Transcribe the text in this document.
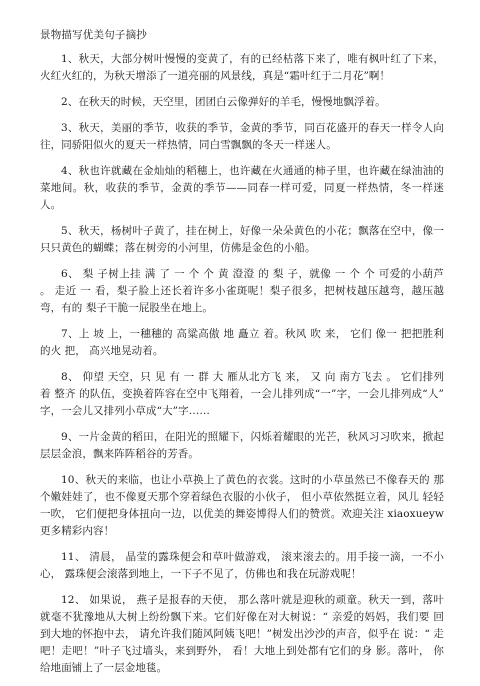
景物描写优美句子摘抄
1、秋天，大部分树叶慢慢的变黄了，有的已经枯落下来了，唯有枫叶红了下来，火红火红的，为秋天增添了一道亮丽的风景线，真是“霜叶红于二月花”啊！
2、在秋天的时候，天空里，团团白云像弹好的羊毛，慢慢地飘浮着。
3、秋天，美丽的季节，收获的季节，金黄的季节，同百花盛开的春天一样令人向往，同骄阳似火的夏天一样热情，同白雪飘飘的冬天一样迷人。
4、秋也许就藏在金灿灿的稻穗上，也许藏在火通通的柿子里，也许藏在绿油油的菜地间。秋，收获的季节，金黄的季节——同春一样可爱，同夏一样热情，冬一样迷人。
5、秋天，杨树叶子黄了，挂在树上，好像一朵朵黄色的小花；飘落在空中，像一只只黄色的蝴蝶；落在树旁的小河里，仿佛是金色的小船。
6、 梨 子树上挂 满 了 一 个 个 黄 澄澄 的 梨 子，就像 一 个 个 可爱的小葫芦 。 走近 一 看，梨子脸上还长着许多小雀斑呢！梨子很多，把树枝越压越弯，越压越弯，有的 梨子干脆一屁股坐在地上。
7、上 坡 上，一穗穗的 高粱高傲 地 矗立 着。秋风 吹 来， 它们 像一 把把胜利 的火 把， 高兴地晃动着。
8、 仰望 天空，只 见 有 一 群 大 雁从北方飞 来， 又 向 南方飞去 。 它们排列 着 整齐 的队伍，变换着阵容在空中飞翔着，一会儿排列成“一”字，一会儿排列成“人” 字，一会儿又排列小草成“大”字……
9、一片金黄的稻田，在阳光的照耀下，闪烁着耀眼的光芒，秋风习习吹来，掀起层层金浪，飘来阵阵稻谷的芳香。
10、秋天的来临，也让小草换上了黄色的衣裳。这时的小草虽然已不像春天的 那个嫩娃娃了，也不像夏天那个穿着绿色衣服的小伙子， 但小草依然挺立着，风儿 轻轻一吹， 它们便把身体扭向一边，以优美的舞姿博得人们的赞赏。欢迎关注 xiaoxueyw 更多精彩内容！
11、 清晨， 晶莹的露珠便会和草叶做游戏， 滚来滚去的。用手接一滴，一不小 心， 露珠便会滚落到地上，一下子不见了，仿佛也和我在玩游戏呢！
12、 如果说， 燕子是报春的天使， 那么落叶就是迎秋的顽童。秋天一到，落叶 就毫不犹豫地从大树上纷纷飘下来。它们好像在对大树说：“ 亲爱的妈妈，我们要 回到大地的怀抱中去， 请允许我们随风阿姨飞吧！”树发出沙沙的声音，似乎在 说：“ 走吧！走吧！”叶子飞过墙头，来到野外， 看！大地上到处都有它们的身 影。落叶， 你给地面铺上了一层金地毯。
